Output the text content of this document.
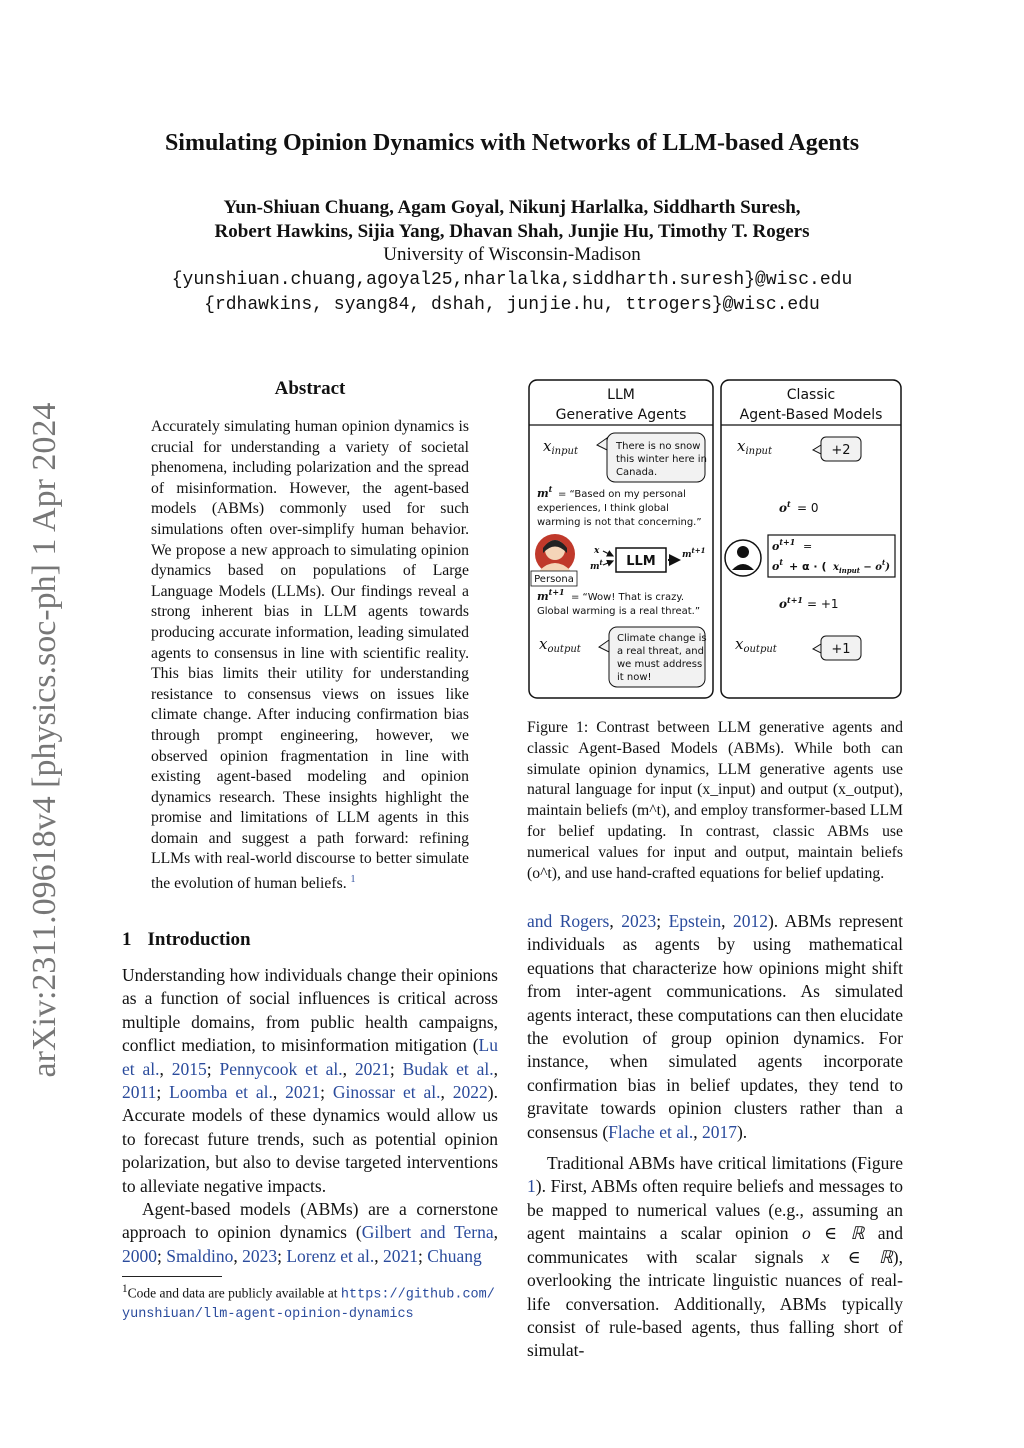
Simulating Opinion Dynamics with Networks of LLM-based Agents
Yun-Shiuan Chuang, Agam Goyal, Nikunj Harlalka, Siddharth Suresh,
Robert Hawkins, Sijia Yang, Dhavan Shah, Junjie Hu, Timothy T. Rogers
University of Wisconsin-Madison
{yunshiuan.chuang,agoyal25,nharlalka,siddharth.suresh}@wisc.edu
{rdhawkins, syang84, dshah, junjie.hu, ttrogers}@wisc.edu
arXiv:2311.09618v4 [physics.soc-ph] 1 Apr 2024
Abstract
Accurately simulating human opinion dynamics is crucial for understanding a variety of societal phenomena, including polarization and the spread of misinformation. However, the agent-based models (ABMs) commonly used for such simulations often over-simplify human behavior. We propose a new approach to simulating opinion dynamics based on populations of Large Language Models (LLMs). Our findings reveal a strong inherent bias in LLM agents towards producing accurate information, leading simulated agents to consensus in line with scientific reality. This bias limits their utility for understanding resistance to consensus views on issues like climate change. After inducing confirmation bias through prompt engineering, however, we observed opinion fragmentation in line with existing agent-based modeling and opinion dynamics research. These insights highlight the promise and limitations of LLM agents in this domain and suggest a path forward: refining LLMs with real-world discourse to better simulate the evolution of human beliefs. $^1$
1 Introduction

Understanding how individuals change their opinions as a function of social influences is critical across multiple domains, from public health campaigns, conflict mediation, to misinformation mitigation (Lu et al., 2015; Pennycook et al., 2021; Budak et al., 2011; Loomba et al., 2021; Ginossar et al., 2022). Accurate models of these dynamics would allow us to forecast future trends, such as potential opinion polarization, but also to devise targeted interventions to alleviate negative impacts.

Agent-based models (ABMs) are a cornerstone approach to opinion dynamics (Gilbert and Terna, 2000; Smaldino, 2023; Lorenz et al., 2021; Chuang

$^1$Code and data are publicly available at https://github.com/yunshiuan/llm-agent-opinion-dynamics
LLM
Generative Agents
$x_{input}$	There is no snow
this winter here in
Canada.
$m^t$ = “Based on my personal
experiences, I think global
warming is not that concerning.”
Persona
x
$m^t$ LLM	$m^{t+1}$
$m^{t+1}$ = “Wow! That is crazy.
Global warming is a real threat.”
$x_{output}$
Climate change is
a real threat, and
we must address
it now!
Classic
Agent-Based Models
$x_{input}$	+2
$o^t = 0$
$o^{t+1}$ =
$o^t + \alpha$ · ( $x_{input} - o^t$)
$o^{t+1} = +1$
$x_{output}$	+1
Figure 1: Contrast between LLM generative agents and classic Agent-Based Models (ABMs). While both can simulate opinion dynamics, LLM generative agents use natural language for input (x_input) and output (x_output), maintain beliefs (m^t), and employ transformer-based LLM for belief updating. In contrast, classic ABMs use numerical values for input and output, maintain beliefs (o^t), and use hand-crafted equations for belief updating.

and Rogers, 2023; Epstein, 2012). ABMs represent individuals as agents by using mathematical equations that characterize how opinions might shift from inter-agent communications. As simulated agents interact, these computations can then elucidate the evolution of group opinion dynamics. For instance, when simulated agents incorporate confirmation bias in belief updates, they tend to gravitate towards opinion clusters rather than a consensus (Flache et al., 2017).

Traditional ABMs have critical limitations (Figure 1). First, ABMs often require beliefs and messages to be mapped to numerical values (e.g., assuming an agent maintains a scalar opinion o ∈ ℝ and communicates with scalar signals x ∈ ℝ), overlooking the intricate linguistic nuances of real-life conversation. Additionally, ABMs typically consist of rule-based agents, thus falling short of simulat-
